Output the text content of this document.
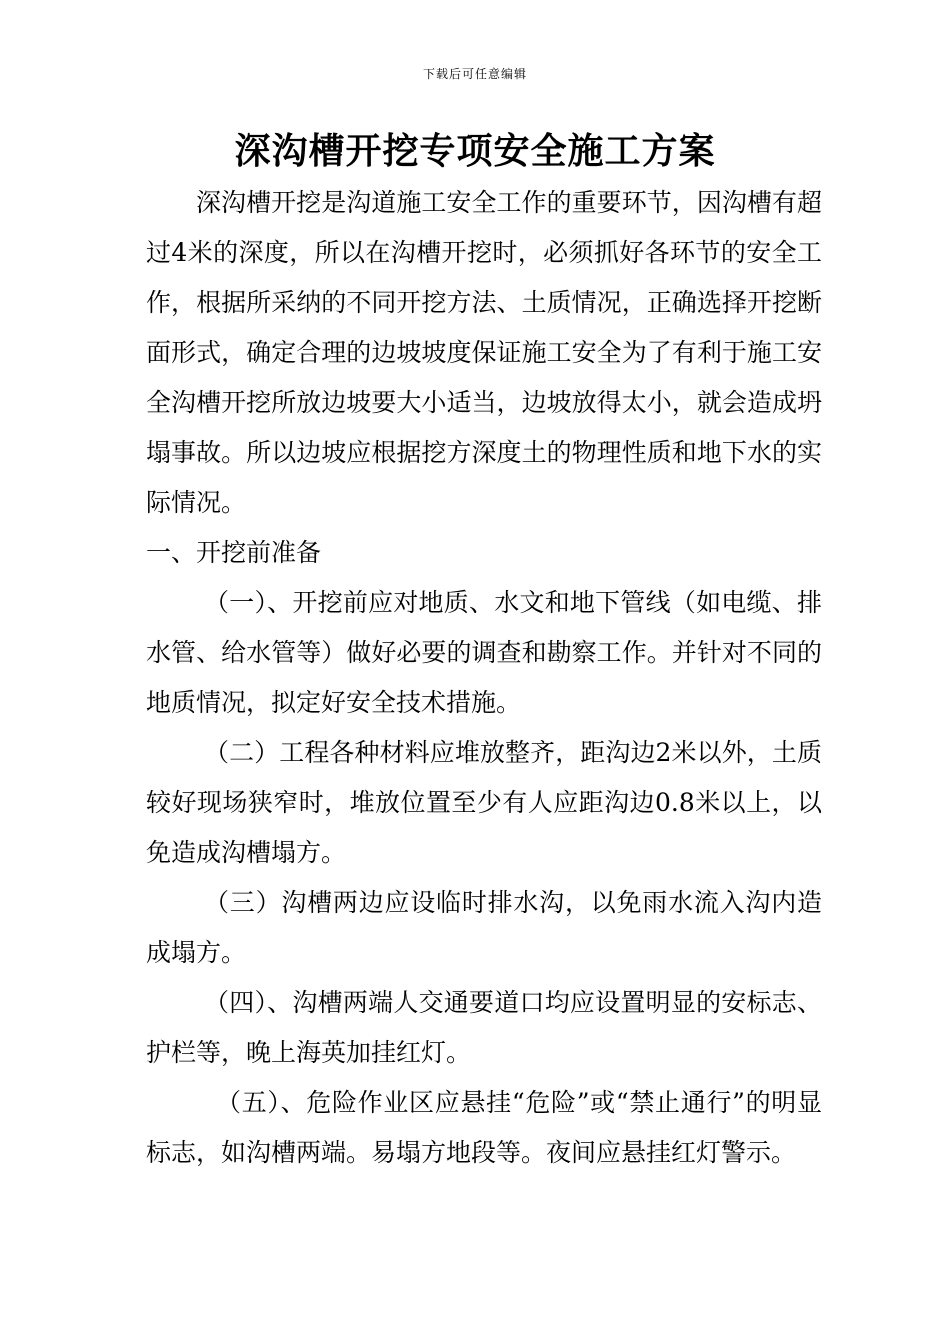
下载后可任意编辑
深沟槽开挖专项安全施工方案

深沟槽开挖是沟道施工安全工作的重要环节，因沟槽有超过4米的深度，所以在沟槽开挖时，必须抓好各环节的安全工作，根据所采纳的不同开挖方法、土质情况，正确选择开挖断面形式，确定合理的边坡坡度保证施工安全为了有利于施工安全沟槽开挖所放边坡要大小适当，边坡放得太小，就会造成坍塌事故。所以边坡应根据挖方深度土的物理性质和地下水的实际情况。

一、开挖前准备

（一）、开挖前应对地质、水文和地下管线（如电缆、排水管、给水管等）做好必要的调查和勘察工作。并针对不同的地质情况，拟定好安全技术措施。

（二）工程各种材料应堆放整齐，距沟边2米以外，土质较好现场狭窄时，堆放位置至少有人应距沟边0.8米以上，以免造成沟槽塌方。

（三）沟槽两边应设临时排水沟，以免雨水流入沟内造成塌方。

（四）、沟槽两端人交通要道口均应设置明显的安标志、护栏等，晚上海英加挂红灯。

（五）、危险作业区应悬挂“危险”或“禁止通行”的明显标志，如沟槽两端。易塌方地段等。夜间应悬挂红灯警示。
